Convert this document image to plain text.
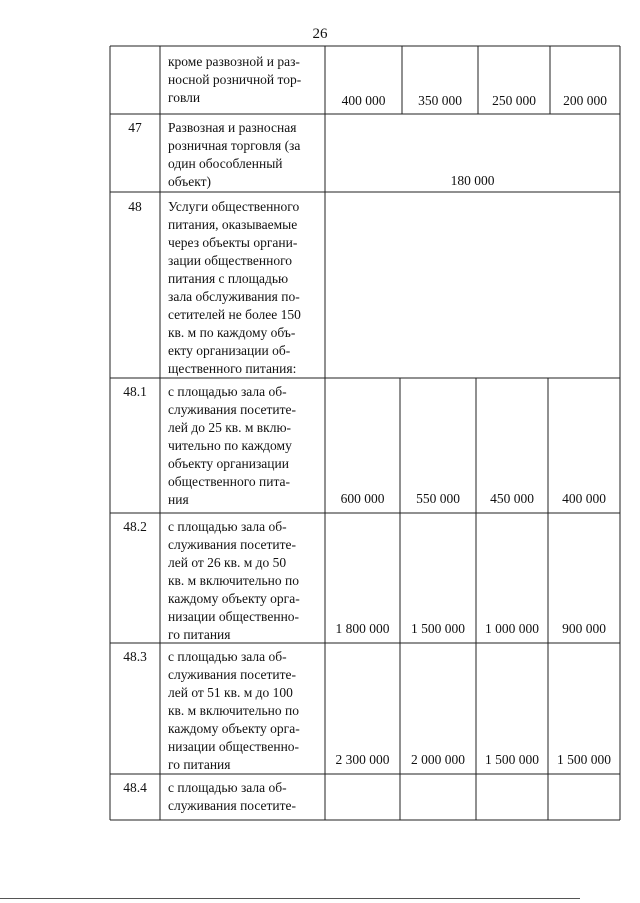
26
кроме развозной и раз-
носной розничной тор-
говли	400 000	350 000	250 000	200 000
47	Развозная и разносная
розничная торговля (за
один обособленный
объект)	180 000
48	Услуги общественного
питания, оказываемые
через объекты органи-
зации общественного
питания с площадью
зала обслуживания по-
сетителей не более 150
кв. м по каждому объ-
екту организации об-
щественного питания:
48.1	с площадью зала об-
служивания посетите-
лей до 25 кв. м вклю-
чительно по каждому
объекту организации
общественного пита-
ния	600 000	550 000	450 000	400 000
48.2	с площадью зала об-
служивания посетите-
лей от 26 кв. м до 50
кв. м включительно по
каждому объекту орга-
низации общественно-
го питания	1 800 000	1 500 000	1 000 000	900 000
48.3	с площадью зала об-
служивания посетите-
лей от 51 кв. м до 100
кв. м включительно по
каждому объекту орга-
низации общественно-
го питания	2 300 000	2 000 000	1 500 000	1 500 000
48.4	с площадью зала об-
служивания посетите-
